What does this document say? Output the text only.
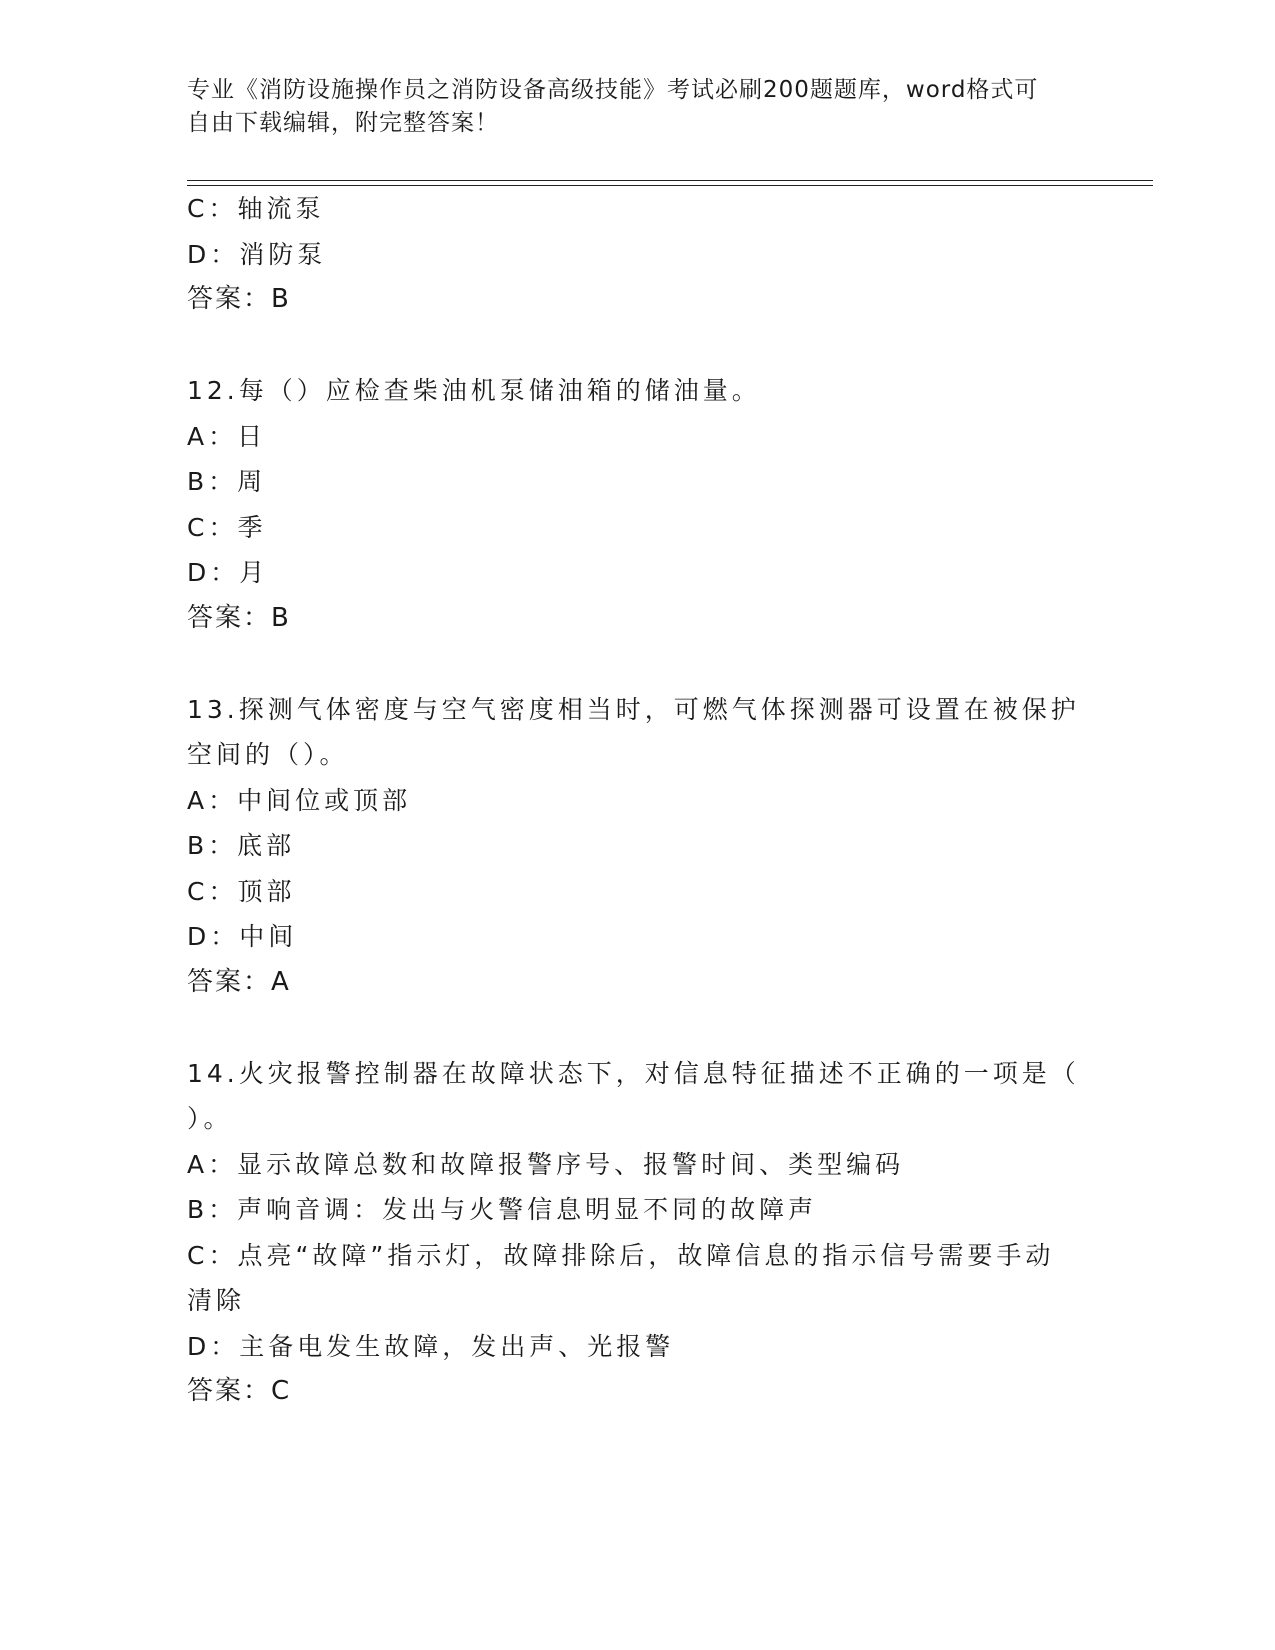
专业《消防设施操作员之消防设备高级技能》考试必刷200题题库，word格式可
自由下载编辑，附完整答案！

C：轴流泵

D：消防泵

答案：B

12.每（）应检查柴油机泵储油箱的储油量。

A：日

B：周

C：季

D：月

答案：B

13.探测气体密度与空气密度相当时，可燃气体探测器可设置在被保护

空间的（）。

A：中间位或顶部

B：底部

C：顶部

D：中间

答案：A

14.火灾报警控制器在故障状态下，对信息特征描述不正确的一项是（

）。

A：显示故障总数和故障报警序号、报警时间、类型编码

B：声响音调：发出与火警信息明显不同的故障声

C：点亮“故障”指示灯，故障排除后，故障信息的指示信号需要手动

清除

D：主备电发生故障，发出声、光报警

答案：C
